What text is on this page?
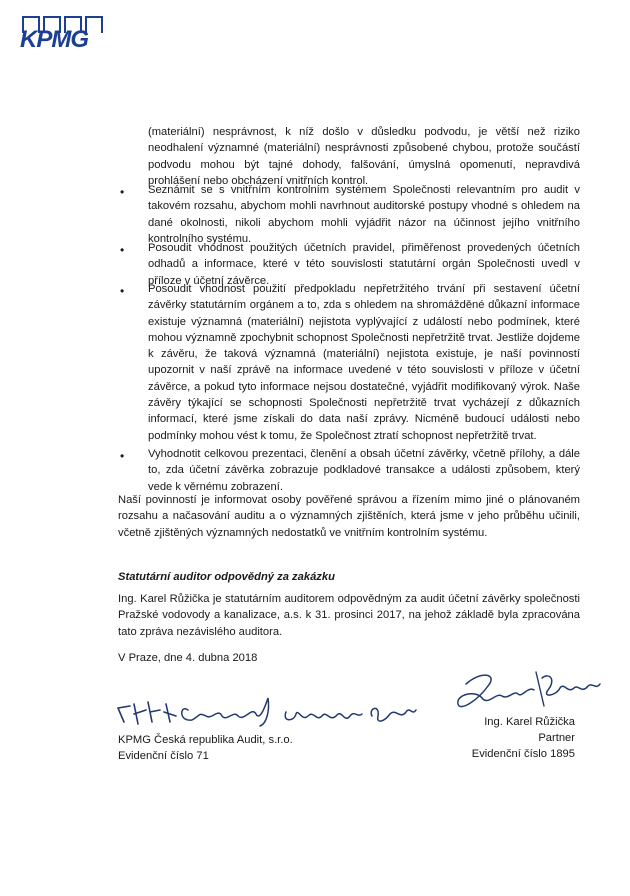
KPMG
(materiální) nesprávnost, k níž došlo v důsledku podvodu, je větší než riziko neodhalení významné (materiální) nesprávnosti způsobené chybou, protože součástí podvodu mohou být tajné dohody, falšování, úmyslná opomenutí, nepravdivá prohlášení nebo obcházení vnitřních kontrol.
• Seznámit se s vnitřním kontrolním systémem Společnosti relevantním pro audit v takovém rozsahu, abychom mohli navrhnout auditorské postupy vhodné s ohledem na dané okolnosti, nikoli abychom mohli vyjádřit názor na účinnost jejího vnitřního kontrolního systému.
• Posoudit vhodnost použitých účetních pravidel, přiměřenost provedených účetních odhadů a informace, které v této souvislosti statutární orgán Společnosti uvedl v příloze v účetní závěrce.
• Posoudit vhodnost použití předpokladu nepřetržitého trvání při sestavení účetní závěrky statutárním orgánem a to, zda s ohledem na shromážděné důkazní informace existuje významná (materiální) nejistota vyplývající z událostí nebo podmínek, které mohou významně zpochybnit schopnost Společnosti nepřetržitě trvat. Jestliže dojdeme k závěru, že taková významná (materiální) nejistota existuje, je naší povinností upozornit v naší zprávě na informace uvedené v této souvislosti v příloze v účetní závěrce, a pokud tyto informace nejsou dostatečné, vyjádřit modifikovaný výrok. Naše závěry týkající se schopnosti Společnosti nepřetržitě trvat vycházejí z důkazních informací, které jsme získali do data naší zprávy. Nicméně budoucí události nebo podmínky mohou vést k tomu, že Společnost ztratí schopnost nepřetržitě trvat.
• Vyhodnotit celkovou prezentaci, členění a obsah účetní závěrky, včetně přílohy, a dále to, zda účetní závěrka zobrazuje podkladové transakce a události způsobem, který vede k věrnému zobrazení.
Naší povinností je informovat osoby pověřené správou a řízením mimo jiné o plánovaném rozsahu a načasování auditu a o významných zjištěních, která jsme v jeho průběhu učinili, včetně zjištěných významných nedostatků ve vnitřním kontrolním systému.
Statutární auditor odpovědný za zakázku
Ing. Karel Růžička je statutárním auditorem odpovědným za audit účetní závěrky společnosti Pražské vodovody a kanalizace, a.s. k 31. prosinci 2017, na jehož základě byla zpracována tato zpráva nezávislého auditora.
V Praze, dne 4. dubna 2018
KPMG Česká republika Audit, s.r.o.
Evidenční číslo 71
Ing. Karel Růžička
Partner
Evidenční číslo 1895
